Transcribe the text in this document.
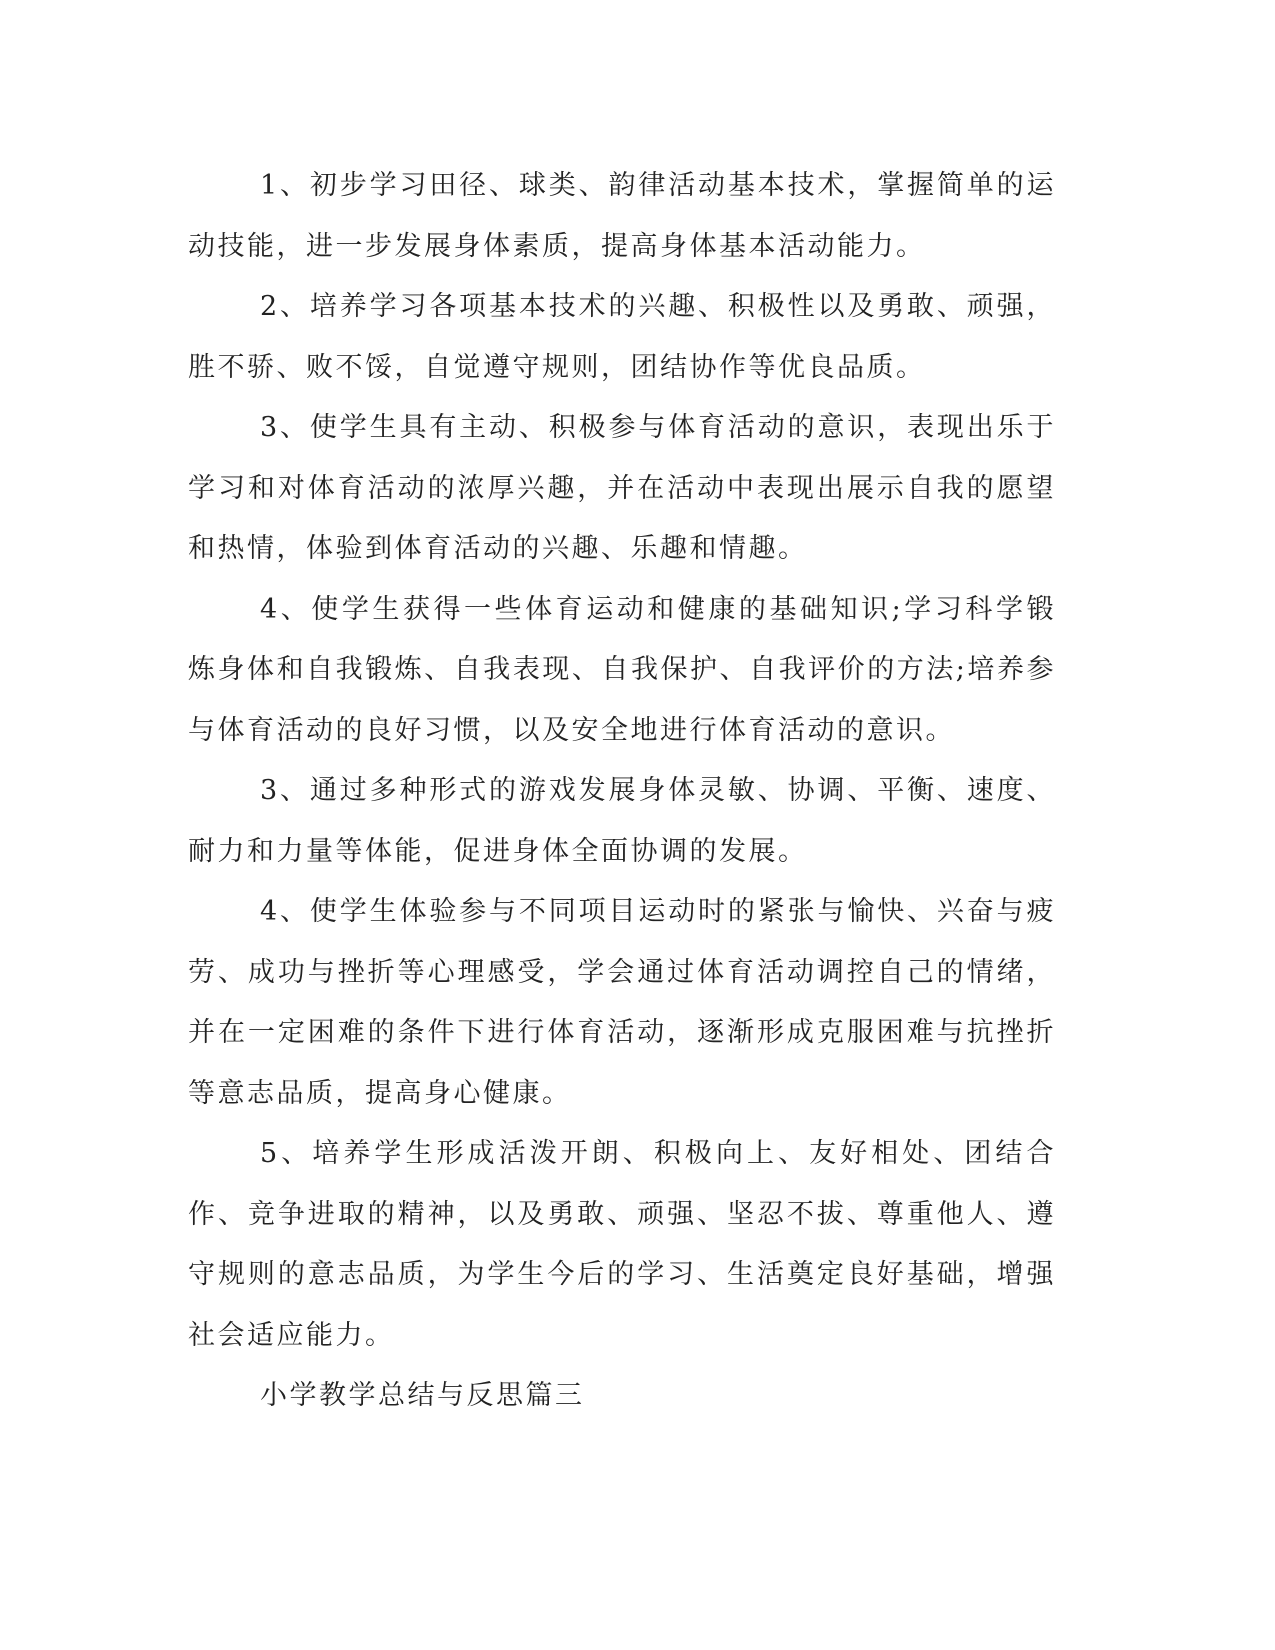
1、初步学习田径、球类、韵律活动基本技术，掌握简单的运动技能，进一步发展身体素质，提高身体基本活动能力。

2、培养学习各项基本技术的兴趣、积极性以及勇敢、顽强，胜不骄、败不馁，自觉遵守规则，团结协作等优良品质。

3、使学生具有主动、积极参与体育活动的意识，表现出乐于学习和对体育活动的浓厚兴趣，并在活动中表现出展示自我的愿望和热情，体验到体育活动的兴趣、乐趣和情趣。

4、使学生获得一些体育运动和健康的基础知识;学习科学锻炼身体和自我锻炼、自我表现、自我保护、自我评价的方法;培养参与体育活动的良好习惯，以及安全地进行体育活动的意识。

3、通过多种形式的游戏发展身体灵敏、协调、平衡、速度、耐力和力量等体能，促进身体全面协调的发展。

4、使学生体验参与不同项目运动时的紧张与愉快、兴奋与疲劳、成功与挫折等心理感受，学会通过体育活动调控自己的情绪，并在一定困难的条件下进行体育活动，逐渐形成克服困难与抗挫折等意志品质，提高身心健康。

5、培养学生形成活泼开朗、积极向上、友好相处、团结合作、竞争进取的精神，以及勇敢、顽强、坚忍不拔、尊重他人、遵守规则的意志品质，为学生今后的学习、生活奠定良好基础，增强社会适应能力。

小学教学总结与反思篇三
